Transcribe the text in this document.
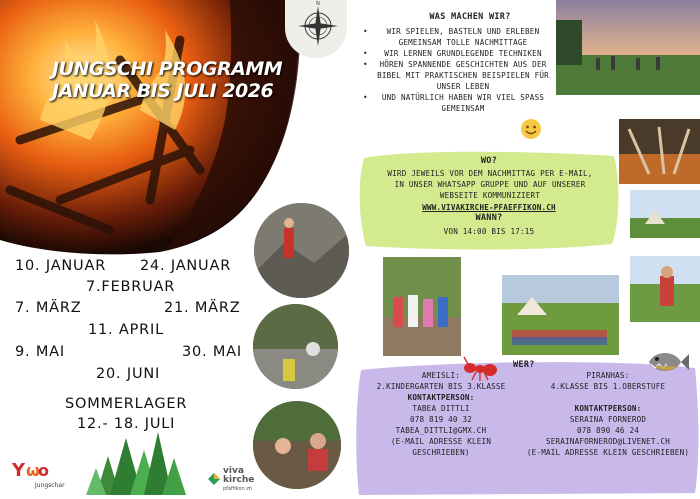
JUNGSCHI PROGRAMM
JANUAR BIS JULI 2026
N
10. JANUAR 24. JANUAR
7.FEBRUAR
7. MÄRZ	21. MÄRZ
11. APRIL
9. MAI	30. MAI
20. JUNI
SOMMERLAGER
12.- 18. JULI
Y ω
o
Jungschar
viva
kirche
pfäffikon zh
WAS MACHEN WIR?
• WIR SPIELEN, BASTELN UND ERLEBEN GEMEINSAM TOLLE NACHMITTAGE
• WIR LERNEN GRUNDLEGENDE TECHNIKEN
• HÖREN SPANNENDE GESCHICHTEN AUS DER BIBEL MIT PRAKTISCHEN BEISPIELEN FÜR UNSER LEBEN
• UND NATÜRLICH HABEN WIR VIEL SPASS GEMEINSAM
WO?
WIRD JEWEILS VOR DEM NACHMITTAG PER E-MAIL, IN UNSER WHATSAPP GRUPPE UND AUF UNSERER WEBSEITE KOMMUNIZIERT
WWW.VIVAKIRCHE-PFAEFFIKON.CH
WANN?
VON 14:00 BIS 17:15
WER?
AMEISLI:
2.KINDERGARTEN BIS 3.KLASSE
KONTAKTPERSON:
TABEA DITTLI
078 819 40 32
TABEA_DITTLI@GMX.CH
(E-MAIL ADRESSE KLEIN GESCHRIEBEN)
PIRANHAS:
4.KLASSE BIS 1.OBERSTUFE
KONTAKTPERSON:
SERAINA FORNEROD
078 890 46 24
SERAINAFORNEROD@LIVENET.CH
(E-MAIL ADRESSE KLEIN GESCHRIEBEN)
